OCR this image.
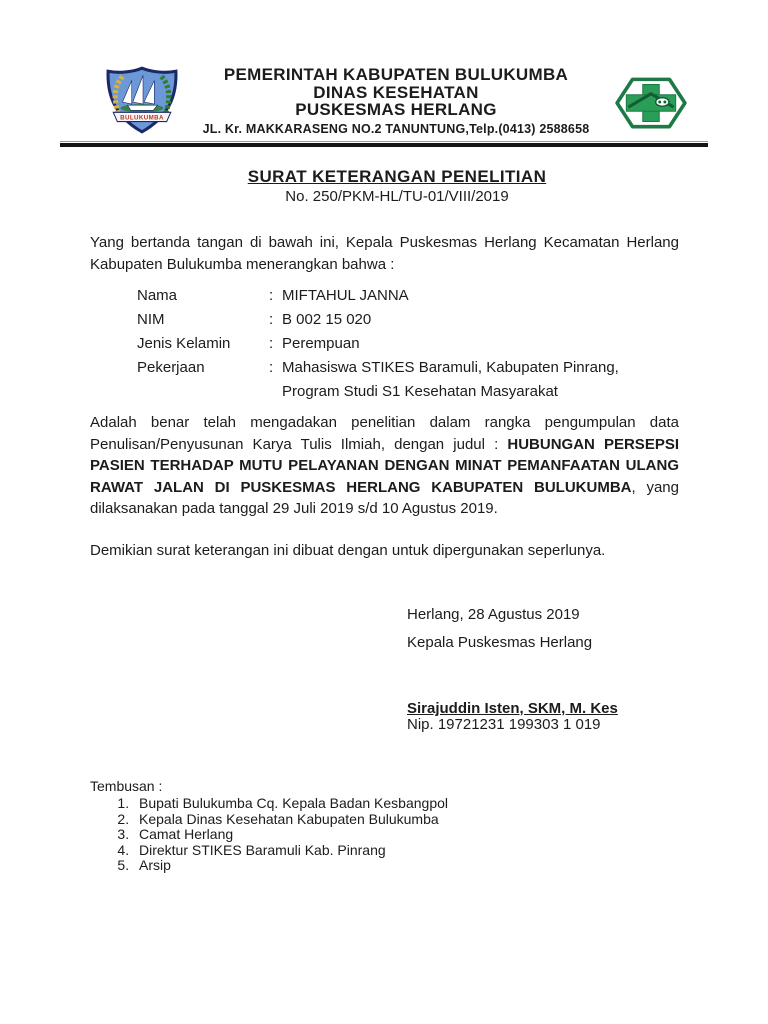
BULUKUMBA
PEMERINTAH KABUPATEN BULUKUMBA
DINAS KESEHATAN
PUSKESMAS HERLANG
JL. Kr. MAKKARASENG NO.2 TANUNTUNG,Telp.(0413) 2588658
SURAT KETERANGAN PENELITIAN
No. 250/PKM-HL/TU-01/VIII/2019

Yang bertanda tangan di bawah ini, Kepala Puskesmas Herlang Kecamatan Herlang Kabupaten Bulukumba menerangkan bahwa :

Nama	: MIFTAHUL JANNA
NIM	: B 002 15 020
Jenis Kelamin	: Perempuan
Pekerjaan	: Mahasiswa STIKES Baramuli, Kabupaten Pinrang,
Program Studi S1 Kesehatan Masyarakat

Adalah benar telah mengadakan penelitian dalam rangka pengumpulan data Penulisan/Penyusunan Karya Tulis Ilmiah, dengan judul : HUBUNGAN PERSEPSI PASIEN TERHADAP MUTU PELAYANAN DENGAN MINAT PEMANFAATAN ULANG RAWAT JALAN DI PUSKESMAS HERLANG KABUPATEN BULUKUMBA, yang dilaksanakan pada tanggal 29 Juli 2019 s/d 10 Agustus 2019.

Demikian surat keterangan ini dibuat dengan untuk dipergunakan seperlunya.

Herlang, 28 Agustus 2019
Kepala Puskesmas Herlang
Sirajuddin Isten, SKM, M. Kes
Nip. 19721231 199303 1 019
Tembusan :
1. Bupati Bulukumba Cq. Kepala Badan Kesbangpol
2. Kepala Dinas Kesehatan Kabupaten Bulukumba
3. Camat Herlang
4. Direktur STIKES Baramuli Kab. Pinrang
5. Arsip
